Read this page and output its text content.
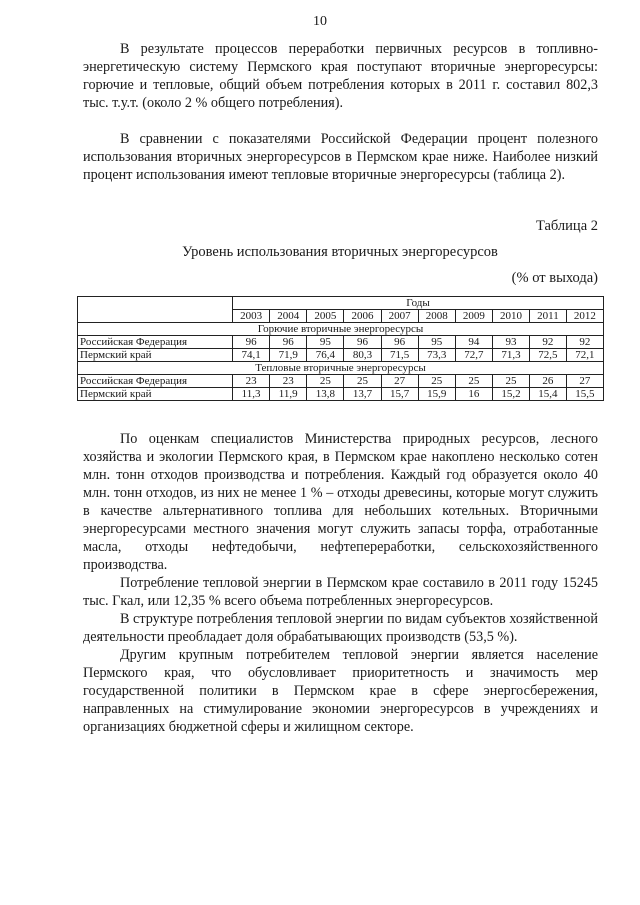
10

В результате процессов переработки первичных ресурсов в топливно-энергетическую систему Пермского края поступают вторичные энергоресурсы: горючие и тепловые, общий объем потребления которых в 2011 г. составил 802,3 тыс. т.у.т. (около 2 % общего потребления).

В сравнении с показателями Российской Федерации процент полезного использования вторичных энергоресурсов в Пермском крае ниже. Наиболее низкий процент использования имеют тепловые вторичные энергоресурсы (таблица 2).

Таблица 2
Уровень использования вторичных энергоресурсов
(% от выхода)
	Годы									
	2003	2004	2005	2006	2007	2008	2009	2010	2011	2012
Горючие вторичные энергоресурсы										
Российская Федерация	96	96	95	96	96	95	94	93	92	92
Пермский край	74,1	71,9	76,4	80,3	71,5	73,3	72,7	71,3	72,5	72,1
Тепловые вторичные энергоресурсы										
Российская Федерация	23	23	25	25	27	25	25	25	26	27
Пермский край	11,3	11,9	13,8	13,7	15,7	15,9	16	15,2	15,4	15,5

По оценкам специалистов Министерства природных ресурсов, лесного хозяйства и экологии Пермского края, в Пермском крае накоплено несколько сотен млн. тонн отходов производства и потребления. Каждый год образуется около 40 млн. тонн отходов, из них не менее 1 % – отходы древесины, которые могут служить в качестве альтернативного топлива для небольших котельных. Вторичными энергоресурсами местного значения могут служить запасы торфа, отработанные масла, отходы нефтедобычи, нефтепереработки, сельскохозяйственного производства.

Потребление тепловой энергии в Пермском крае составило в 2011 году 15245 тыс. Гкал, или 12,35 % всего объема потребленных энергоресурсов.

В структуре потребления тепловой энергии по видам субъектов хозяйственной деятельности преобладает доля обрабатывающих производств (53,5 %).

Другим крупным потребителем тепловой энергии является население Пермского края, что обусловливает приоритетность и значимость мер государственной политики в Пермском крае в сфере энергосбережения, направленных на стимулирование экономии энергоресурсов в учреждениях и организациях бюджетной сферы и жилищном секторе.
